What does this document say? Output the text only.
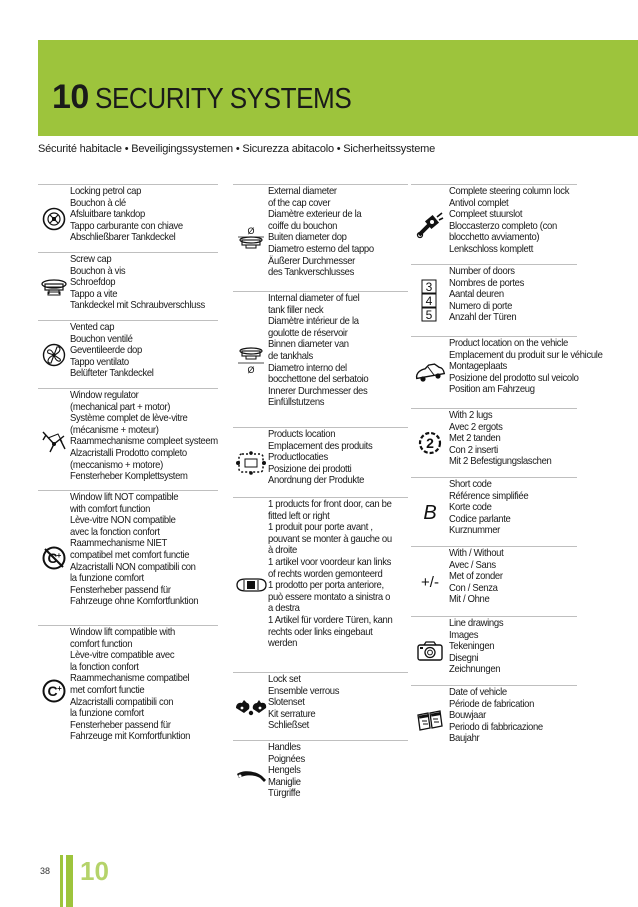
10 SECURITY SYSTEMS
Sécurité habitacle • Beveiligingssystemen • Sicurezza abitacolo • Sicherheitssysteme
Locking petrol cap
Bouchon à clé
Afsluitbare tankdop
Tappo carburante con chiave
Abschließbarer Tankdeckel
Screw cap
Bouchon à vis
Schroefdop
Tappo a vite
Tankdeckel mit Schraubverschluss
Vented cap
Bouchon ventilé
Geventileerde dop
Tappo ventilato
Belüfteter Tankdeckel
Window regulator
(mechanical part + motor)
Système complet de lève-vitre
(mécanisme + moteur)
Raammechanisme compleet systeem
Alzacristalli Prodotto completo
(meccanismo + motore)
Fensterheber Komplettsystem
C +
Window lift NOT compatible
with comfort function
Lève-vitre NON compatible
avec la fonction confort
Raammechanisme NIET
compatibel met comfort functie
Alzacristalli NON compatibili con
la funzione comfort
Fensterheber passend für
Fahrzeuge ohne Komfortfunktion
C +
Window lift compatible with
comfort function
Lève-vitre compatible avec
la fonction confort
Raammechanisme compatibel
met comfort functie
Alzacristalli compatibili con
la funzione comfort
Fensterheber passend für
Fahrzeuge mit Komfortfunktion
Ø
External diameter
of the cap cover
Diamètre exterieur de la
coiffe du bouchon
Buiten diameter dop
Diametro esterno del tappo
Äußerer Durchmesser
des Tankverschlusses
Ø
Internal diameter of fuel
tank filler neck
Diamètre intérieur de la
goulotte de réservoir
Binnen diameter van
de tankhals
Diametro interno del
bocchettone del serbatoio
Innerer Durchmesser des
Einfüllstutzens
Products location
Emplacement des produits
Productlocaties
Posizione dei prodotti
Anordnung der Produkte
1 products for front door, can be
fitted left or right
1 produit pour porte avant ,
pouvant se monter à gauche ou
à droite
1 artikel voor voordeur kan links
of rechts worden gemonteerd
1 prodotto per porta anteriore,
può essere montato a sinistra o
a destra
1 Artikel für vordere Türen, kann
rechts oder links eingebaut
werden
Lock set
Ensemble verrous
Slotenset
Kit serrature
Schließset
Handles
Poignées
Hengels
Maniglie
Türgriffe
Complete steering column lock
Antivol complet
Compleet stuurslot
Bloccasterzo completo (con
blocchetto avviamento)
Lenkschloss komplett
3
4
5
Number of doors
Nombres de portes
Aantal deuren
Numero di porte
Anzahl der Türen
Product location on the vehicle
Emplacement du produit sur le véhicule
Montageplaats
Posizione del prodotto sul veicolo
Position am Fahrzeug
2
With 2 lugs
Avec 2 ergots
Met 2 tanden
Con 2 inserti
Mit 2 Befestigungslaschen
B
Short code
Référence simplifiée
Korte code
Codice parlante
Kurznummer
+/-
With / Without
Avec / Sans
Met of zonder
Con / Senza
Mit / Ohne
Line drawings
Images
Tekeningen
Disegni
Zeichnungen
Date of vehicle
Période de fabrication
Bouwjaar
Periodo di fabbricazione
Baujahr
38 10
